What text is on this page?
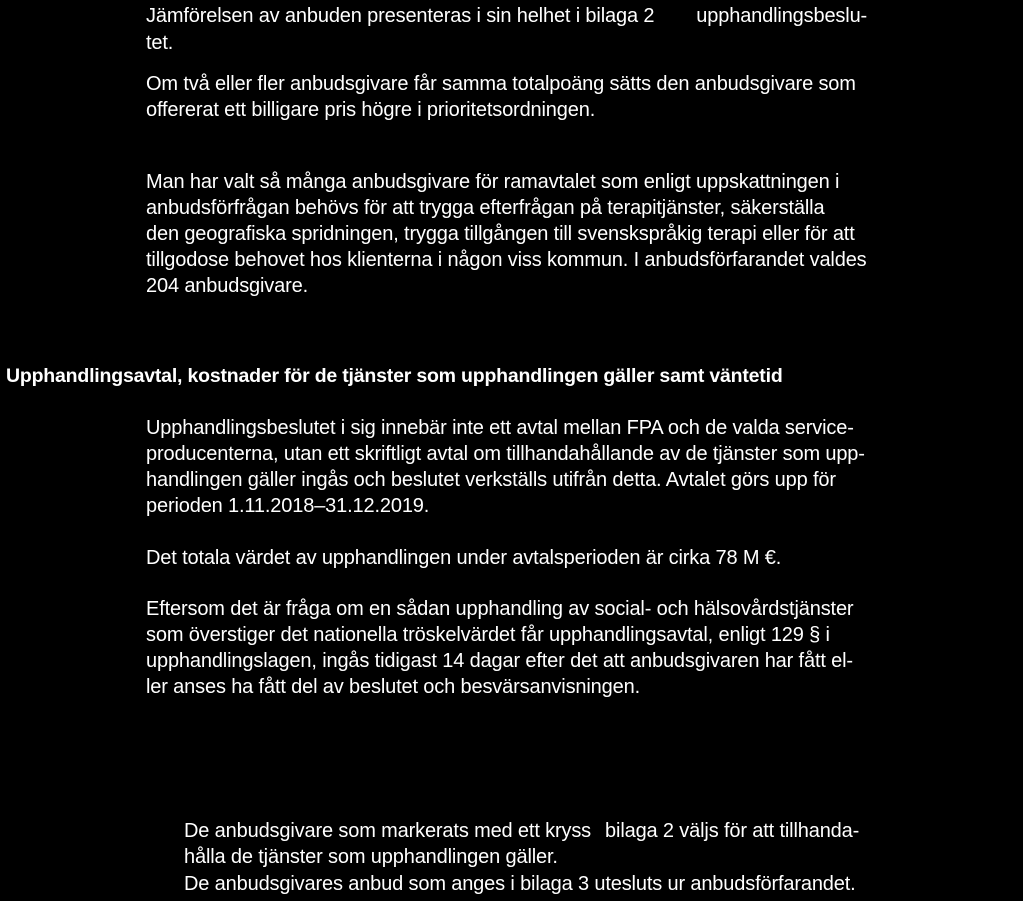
Jämförelsen av anbuden presenteras i sin helhet i bilaga 2 upphandlingsbeslu-
tet.
Om två eller fler anbudsgivare får samma totalpoäng sätts den anbudsgivare som
offererat ett billigare pris högre i prioritetsordningen.
Man har valt så många anbudsgivare för ramavtalet som enligt uppskattningen i
anbudsförfrågan behövs för att trygga efterfrågan på terapitjänster, säkerställa
den geografiska spridningen, trygga tillgången till svenskspråkig terapi eller för att
tillgodose behovet hos klienterna i någon viss kommun. I anbudsförfarandet valdes
204 anbudsgivare.
Upphandlingsavtal, kostnader för de tjänster som upphandlingen gäller samt väntetid
Upphandlingsbeslutet i sig innebär inte ett avtal mellan FPA och de valda service-
producenterna, utan ett skriftligt avtal om tillhandahållande av de tjänster som upp-
handlingen gäller ingås och beslutet verkställs utifrån detta. Avtalet görs upp för
perioden 1.11.2018–31.12.2019.
Det totala värdet av upphandlingen under avtalsperioden är cirka 78 M €.
Eftersom det är fråga om en sådan upphandling av social- och hälsovårdstjänster
som överstiger det nationella tröskelvärdet får upphandlingsavtal, enligt 129 § i
upphandlingslagen, ingås tidigast 14 dagar efter det att anbudsgivaren har fått el-
ler anses ha fått del av beslutet och besvärsanvisningen.
De anbudsgivare som markerats med ett kryss bilaga 2 väljs för att tillhanda-
hålla de tjänster som upphandlingen gäller.
De anbudsgivares anbud som anges i bilaga 3 utesluts ur anbudsförfarandet.
